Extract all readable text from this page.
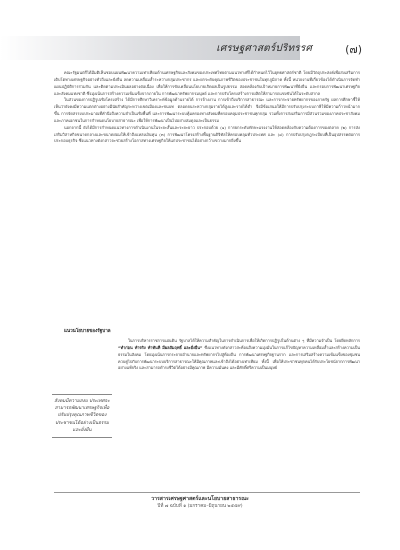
เศรษฐศาสตร์ปริทรรศ	(๗)

คณะรัฐมนตรีได้มีมติเห็นชอบแผนพัฒนาความเท่าเทียมด้านเศรษฐกิจและสังคมของประเทศไทยตามแนวทางที่ได้กำหนดไว้ในยุทธศาสตร์ชาติ โดยมีวัตถุประสงค์เพื่อส่งเสริมการเติบโตทางเศรษฐกิจอย่างทั่วถึงและยั่งยืน ลดความเหลื่อมล้ำระหว่างกลุ่มประชากร และยกระดับคุณภาพชีวิตของประชาชนในทุกภูมิภาค ทั้งนี้ หน่วยงานที่เกี่ยวข้องได้ดำเนินการจัดทำแผนปฏิบัติการร่วมกัน และติดตามประเมินผลอย่างต่อเนื่อง เพื่อให้การขับเคลื่อนนโยบายเกิดผลเป็นรูปธรรม สอดคล้องกับเป้าหมายการพัฒนาที่ยั่งยืน และกรอบการพัฒนาเศรษฐกิจและสังคมแห่งชาติ ซึ่งมุ่งเน้นการสร้างความเข้มแข็งจากภายใน การพัฒนาทรัพยากรมนุษย์ และการปรับโครงสร้างการผลิตให้สามารถแข่งขันได้ในระดับสากล

ในส่วนของการปฏิรูปเชิงโครงสร้าง ได้มีการศึกษาวิเคราะห์ข้อมูลด้านรายได้ การจ้างงาน การเข้าถึงบริการสาธารณะ และการกระจายทรัพยากรของภาครัฐ ผลการศึกษาชี้ให้เห็นว่ายังคงมีความแตกต่างอย่างมีนัยสำคัญระหว่างเขตเมืองและชนบท ตลอดจนระหว่างกลุ่มรายได้สูงและรายได้ต่ำ จึงมีข้อเสนอให้มีการปรับปรุงระบบภาษีให้มีความก้าวหน้ามากขึ้น การจัดสรรงบประมาณที่คำนึงถึงความจำเป็นเชิงพื้นที่ และการพัฒนาระบบคุ้มครองทางสังคมที่ครอบคลุมประชาชนทุกกลุ่ม รวมทั้งการส่งเสริมการมีส่วนร่วมของภาคประชาสังคมและภาคเอกชนในการกำหนดนโยบายสาธารณะ เพื่อให้การพัฒนาเป็นไปอย่างสมดุลและเป็นธรรม

นอกจากนี้ ยังได้มีการกำหนดแนวทางการดำเนินงานในระยะสั้นและระยะยาว ประกอบด้วย (๑) การยกระดับทักษะแรงงานให้สอดคล้องกับความต้องการของตลาด (๒) การส่งเสริมวิสาหกิจขนาดกลางและขนาดย่อมให้เข้าถึงแหล่งเงินทุน (๓) การพัฒนาโครงสร้างพื้นฐานดิจิทัลให้ครอบคลุมทั่วประเทศ และ (๔) การปรับปรุงกฎระเบียบที่เป็นอุปสรรคต่อการประกอบธุรกิจ ซึ่งแนวทางดังกล่าวจะช่วยสร้างโอกาสทางเศรษฐกิจให้แก่ประชาชนได้อย่างกว้างขวางมากยิ่งขึ้น

แนวนโยบายของรัฐบาล

ในการบริหารราชการแผ่นดิน รัฐบาลได้ให้ความสำคัญในการดำเนินการเพื่อให้เกิดการปฏิรูปในด้านต่าง ๆ ที่มีความจำเป็น โดยยึดหลักการ “ทำก่อน ทำจริง ทำทันที มีผลสัมฤทธิ์ และยั่งยืน” ซึ่งแนวทางดังกล่าวสะท้อนถึงความมุ่งมั่นในการแก้ไขปัญหาความเหลื่อมล้ำและสร้างความเป็นธรรมในสังคม โดยมุ่งเน้นการกระจายอำนาจและทรัพยากรไปสู่ท้องถิ่น การพัฒนาเศรษฐกิจฐานราก และการเสริมสร้างความเข้มแข็งของชุมชน ควบคู่ไปกับการพัฒนาระบบบริการสาธารณะให้มีคุณภาพและเข้าถึงได้อย่างเท่าเทียม ทั้งนี้ เพื่อให้ประชาชนทุกคนได้รับประโยชน์จากการพัฒนาอย่างแท้จริง และสามารถดำรงชีวิตได้อย่างมีคุณภาพ มีความมั่นคง และมีศักดิ์ศรีความเป็นมนุษย์

สังคมมีความสงบ ประเทศจะสามารถพัฒนาเศรษฐกิจเพื่อปรับปรุงคุณภาพชีวิตของประชาชนได้อย่างเป็นธรรมและยั่งยืน
วารสารเศรษฐศาสตร์และนโยบายสาธารณะ
ปีที่ ๗ ฉบับที่ ๑ (มกราคม–มิถุนายน ๒๕๕๙)
